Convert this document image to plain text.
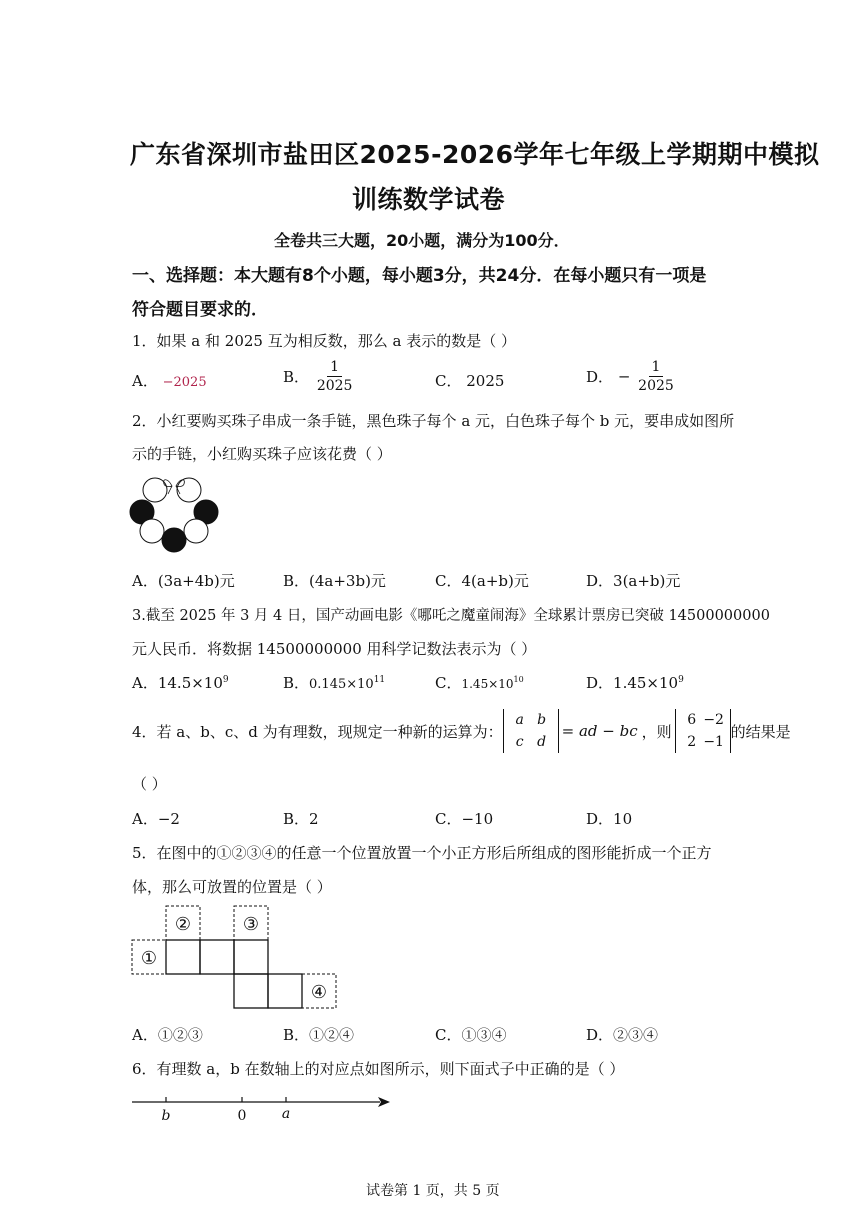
广东省深圳市盐田区2025-2026学年七年级上学期期中模拟
训练数学试卷
全卷共三大题，20小题，满分为100分．
一、选择题：本大题有8个小题，每小题3分，共24分．在每小题只有一项是
符合题目要求的．
1．如果 a 和 2025 互为相反数，那么 a 表示的数是（ ）
A． −2025	B． $\frac{1}{2025}$	C． 2025	D． − $\frac{1}{2025}$
2．小红要购买珠子串成一条手链，黑色珠子每个 a 元，白色珠子每个 b 元，要串成如图所
示的手链，小红购买珠子应该花费（ ）
A．(3a+4b)元	B．(4a+3b)元	C．4(a+b)元	D．3(a+b)元
3.截至 2025 年 3 月 4 日，国产动画电影《哪吒之魔童闹海》全球累计票房已突破 14500000000
元人民币．将数据 14500000000 用科学记数法表示为（ ）
A．$14.5\times 10^9$	B．$0.145\times 10^{11}$	C．$1.45\times 10^{10}$	D．$1.45\times 10^9$
4．若 a、b、c、d 为有理数，现规定一种新的运算为：
a b
c d
= ad − bc ，则
6 −2
2 −1
的结果是
（ ）
A．−2	B．2	C．−10	D．10
5．在图中的①②③④的任意一个位置放置一个小正方形后所组成的图形能折成一个正方
体，那么可放置的位置是（ ）
①
②	③
④
A．①②③	B．①②④	C．①③④	D．②③④
6．有理数 a，b 在数轴上的对应点如图所示，则下面式子中正确的是（ ）
b	0	a
试卷第 1 页，共 5 页
